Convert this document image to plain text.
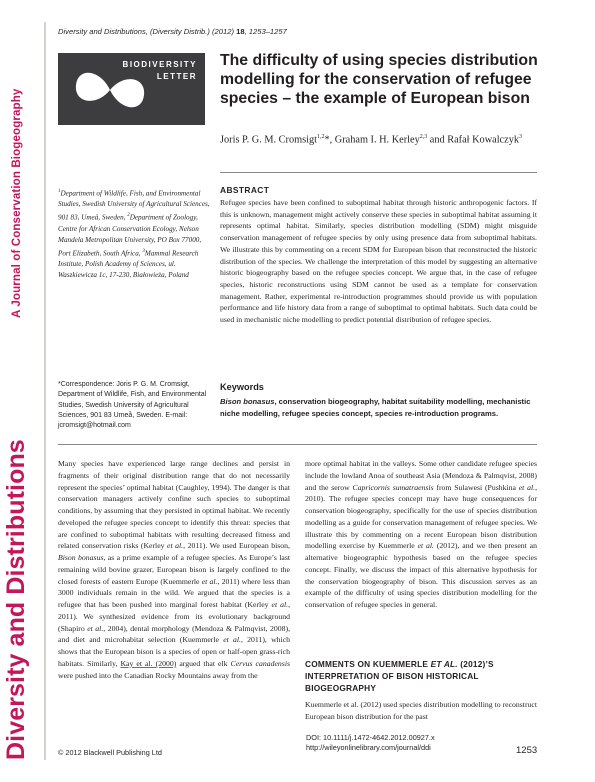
A Journal of Conservation Biogeography
Diversity and Distributions
Diversity and Distributions, (Diversity Distrib.) (2012) 18, 1253–1257
BIODIVERSITY
LETTER
The difficulty of using species distribution modelling for the conservation of refugee species – the example of European bison
Joris P. G. M. Cromsigt$^{1,2}$*, Graham I. H. Kerley$^{2,3}$ and Rafał Kowalczyk$^3$
$^1$Department of Wildlife, Fish, and Environmental Studies, Swedish University of Agricultural Sciences, 901 83, Umeå, Sweden, $^2$Department of Zoology, Centre for African Conservation Ecology, Nelson Mandela Metropolitan University, PO Box 77000, Port Elizabeth, South Africa, $^3$Mammal Research Institute, Polish Academy of Sciences, ul. Waszkiewicza 1c, 17-230, Białowieża, Poland
*Correspondence: Joris P. G. M. Cromsigt, Department of Wildlife, Fish, and Environmental Studies, Swedish University of Agricultural Sciences, 901 83 Umeå, Sweden. E-mail: jcromsigt@hotmail.com
ABSTRACT
Refugee species have been confined to suboptimal habitat through historic anthropogenic factors. If this is unknown, management might actively conserve these species in suboptimal habitat assuming it represents optimal habitat. Similarly, species distribution modelling (SDM) might misguide conservation management of refugee species by only using presence data from suboptimal habitats. We illustrate this by commenting on a recent SDM for European bison that reconstructed the historic distribution of the species. We challenge the interpretation of this model by suggesting an alternative historic biogeography based on the refugee species concept. We argue that, in the case of refugee species, historic reconstructions using SDM cannot be used as a template for conservation management. Rather, experimental re-introduction programmes should provide us with population performance and life history data from a range of suboptimal to optimal habitats. Such data could be used in mechanistic niche modelling to predict potential distribution of refugee species.
Keywords
Bison bonasus, conservation biogeography, habitat suitability modelling, mechanistic niche modelling, refugee species concept, species re-introduction programs.
Many species have experienced large range declines and persist in fragments of their original distribution range that do not necessarily represent the species’ optimal habitat (Caughley, 1994). The danger is that conservation managers actively confine such species to suboptimal conditions, by assuming that they persisted in optimal habitat. We recently developed the refugee species concept to identify this threat: species that are confined to suboptimal habitats with resulting decreased fitness and related conservation risks (Kerley et al., 2011). We used European bison, Bison bonasus, as a prime example of a refugee species. As Europe’s last remaining wild bovine grazer, European bison is largely confined to the closed forests of eastern Europe (Kuemmerle et al., 2011) where less than 3000 individuals remain in the wild. We argued that the species is a refugee that has been pushed into marginal forest habitat (Kerley et al., 2011). We synthesized evidence from its evolutionary background (Shapiro et al., 2004), dental morphology (Mendoza & Palmqvist, 2008), and diet and microhabitat selection (Kuemmerle et al., 2011), which shows that the European bison is a species of open or half-open grass-rich habitats. Similarly, Kay et al. (2000) argued that elk Cervus canadensis were pushed into the Canadian Rocky Mountains away from the
more optimal habitat in the valleys. Some other candidate refugee species include the lowland Anoa of southeast Asia (Mendoza & Palmqvist, 2008) and the serow Capricornis sumatraensis from Sulawesi (Pushkina et al., 2010). The refugee species concept may have huge consequences for conservation biogeography, specifically for the use of species distribution modelling as a guide for conservation management of refugee species. We illustrate this by commenting on a recent European bison distribution modelling exercise by Kuemmerle et al. (2012), and we then present an alternative biogeographic hypothesis based on the refugee species concept. Finally, we discuss the impact of this alternative hypothesis for the conservation biogeography of bison. This discussion serves as an example of the difficulty of using species distribution modelling for the conservation of refugee species in general.
COMMENTS ON KUEMMERLE ET AL. (2012)’S INTERPRETATION OF BISON HISTORICAL BIOGEOGRAPHY
Kuemmerle et al. (2012) used species distribution modelling to reconstruct European bison distribution for the past
© 2012 Blackwell Publishing Ltd
DOI: 10.1111/j.1472-4642.2012.00927.x
http://wileyonlinelibrary.com/journal/ddi	1253
